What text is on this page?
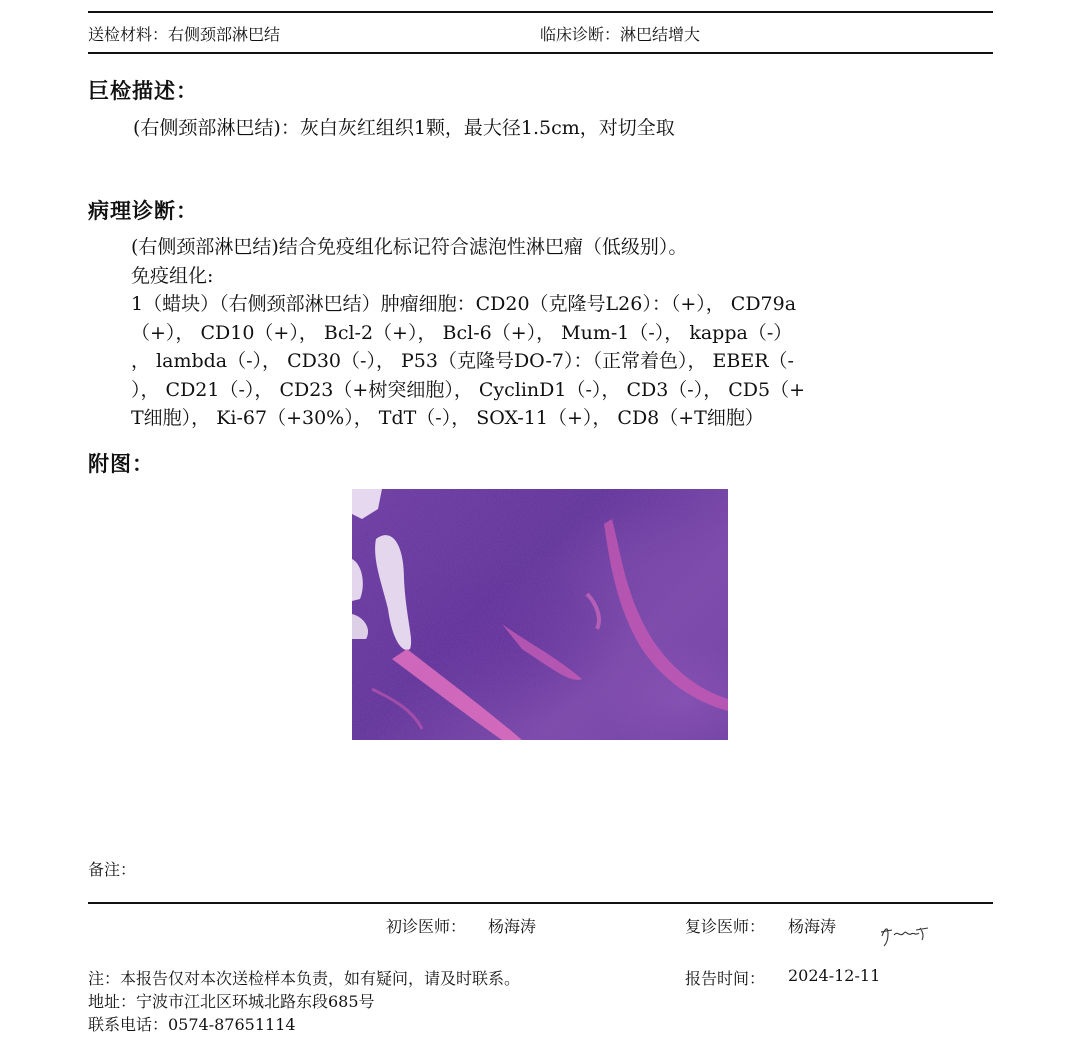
送检材料：右侧颈部淋巴结	临床诊断：淋巴结增大
巨检描述：
(右侧颈部淋巴结)：灰白灰红组织1颗，最大径1.5cm，对切全取
病理诊断：
(右侧颈部淋巴结)结合免疫组化标记符合滤泡性淋巴瘤（低级别）。
免疫组化:
1（蜡块）（右侧颈部淋巴结）肿瘤细胞：CD20（克隆号L26）：（+）， CD79a
（+）， CD10（+）， Bcl-2（+）， Bcl-6（+）， Mum-1（-）， kappa（-）
， lambda（-）， CD30（-）， P53（克隆号DO-7）：（正常着色）， EBER（-
）， CD21（-）， CD23（+树突细胞）， CyclinD1（-）， CD3（-）， CD5（+
T细胞）， Ki-67（+30%）， TdT（-）， SOX-11（+）， CD8（+T细胞）
附图：
备注：
初诊医师： 杨海涛	复诊医师： 杨海涛
注：本报告仅对本次送检样本负责，如有疑问，请及时联系。	报告时间： 2024-12-11
地址：宁波市江北区环城北路东段685号
联系电话：0574-87651114
